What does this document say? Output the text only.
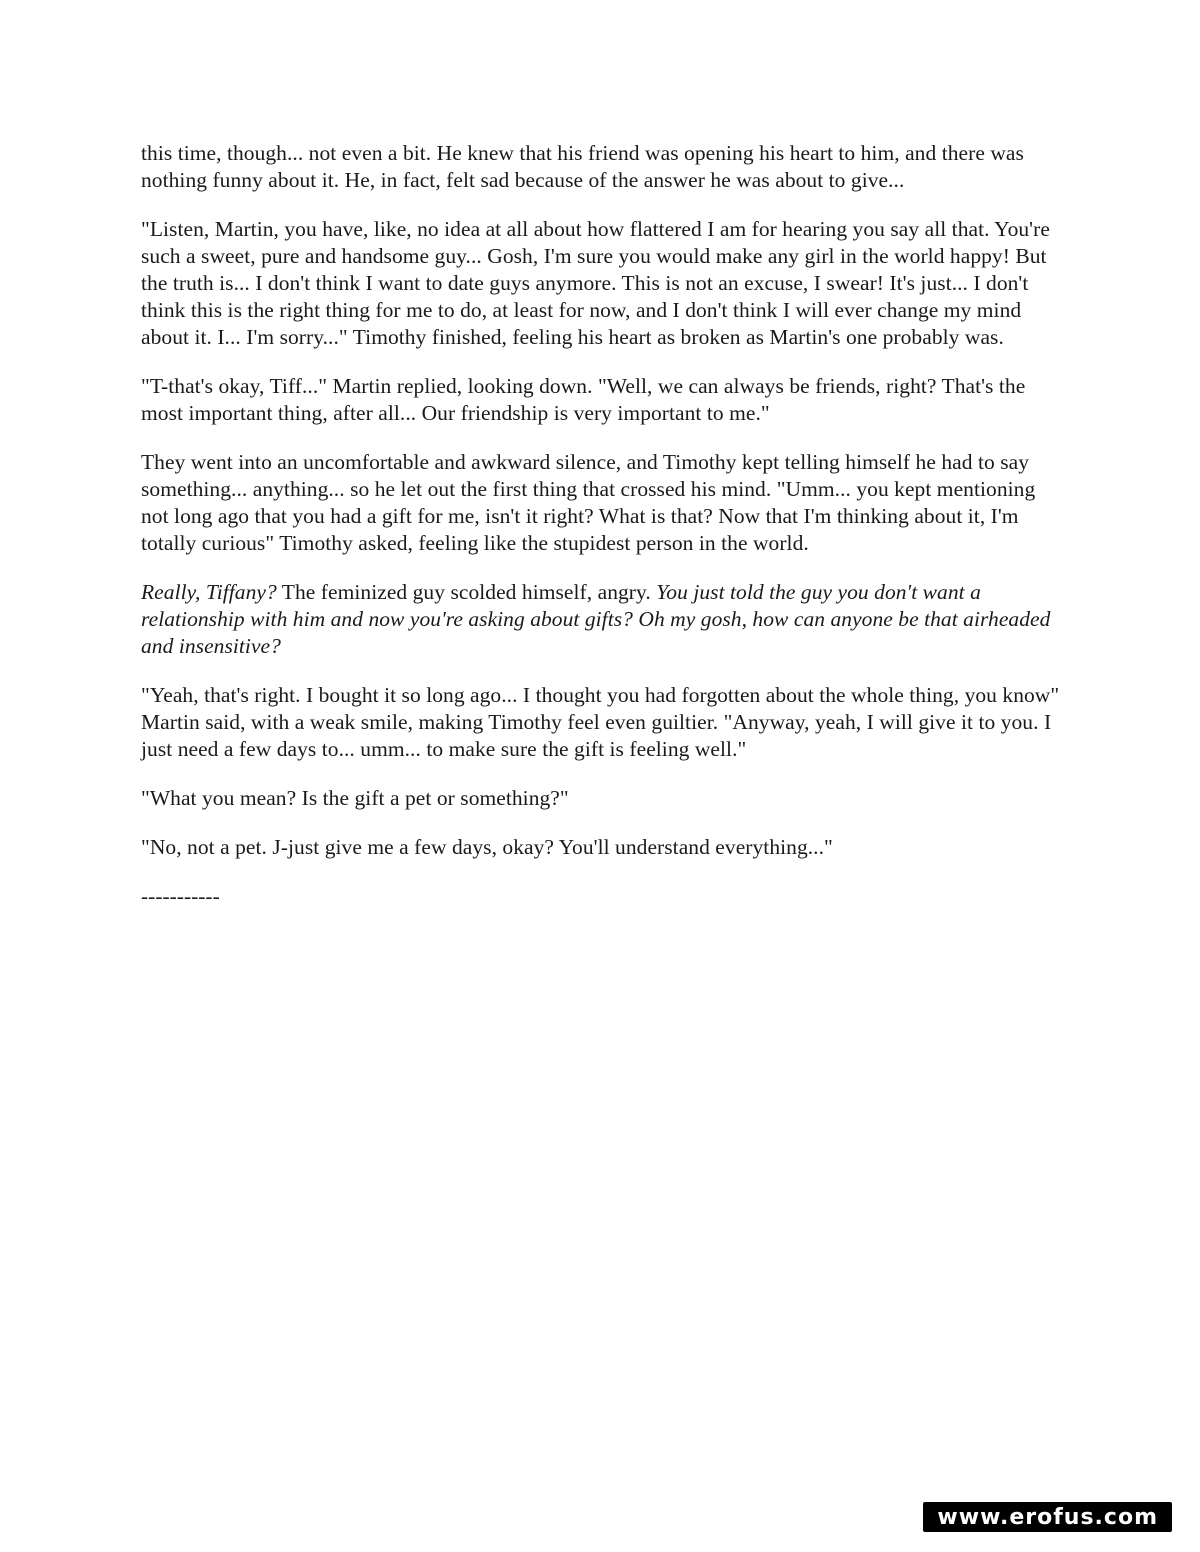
this time, though... not even a bit. He knew that his friend was opening his heart to him, and there was nothing funny about it. He, in fact, felt sad because of the answer he was about to give...

"Listen, Martin, you have, like, no idea at all about how flattered I am for hearing you say all that. You're such a sweet, pure and handsome guy... Gosh, I'm sure you would make any girl in the world happy! But the truth is... I don't think I want to date guys anymore. This is not an excuse, I swear! It's just... I don't think this is the right thing for me to do, at least for now, and I don't think I will ever change my mind about it. I... I'm sorry..." Timothy finished, feeling his heart as broken as Martin's one probably was.

"T-that's okay, Tiff..." Martin replied, looking down. "Well, we can always be friends, right? That's the most important thing, after all... Our friendship is very important to me."

They went into an uncomfortable and awkward silence, and Timothy kept telling himself he had to say something... anything... so he let out the first thing that crossed his mind. "Umm... you kept mentioning not long ago that you had a gift for me, isn't it right? What is that? Now that I'm thinking about it, I'm totally curious" Timothy asked, feeling like the stupidest person in the world.

Really, Tiffany? The feminized guy scolded himself, angry. You just told the guy you don't want a relationship with him and now you're asking about gifts? Oh my gosh, how can anyone be that airheaded and insensitive?

"Yeah, that's right. I bought it so long ago... I thought you had forgotten about the whole thing, you know" Martin said, with a weak smile, making Timothy feel even guiltier. "Anyway, yeah, I will give it to you. I just need a few days to... umm... to make sure the gift is feeling well."

"What you mean? Is the gift a pet or something?"

"No, not a pet. J-just give me a few days, okay? You'll understand everything..."

-----------

www.erofus.com
